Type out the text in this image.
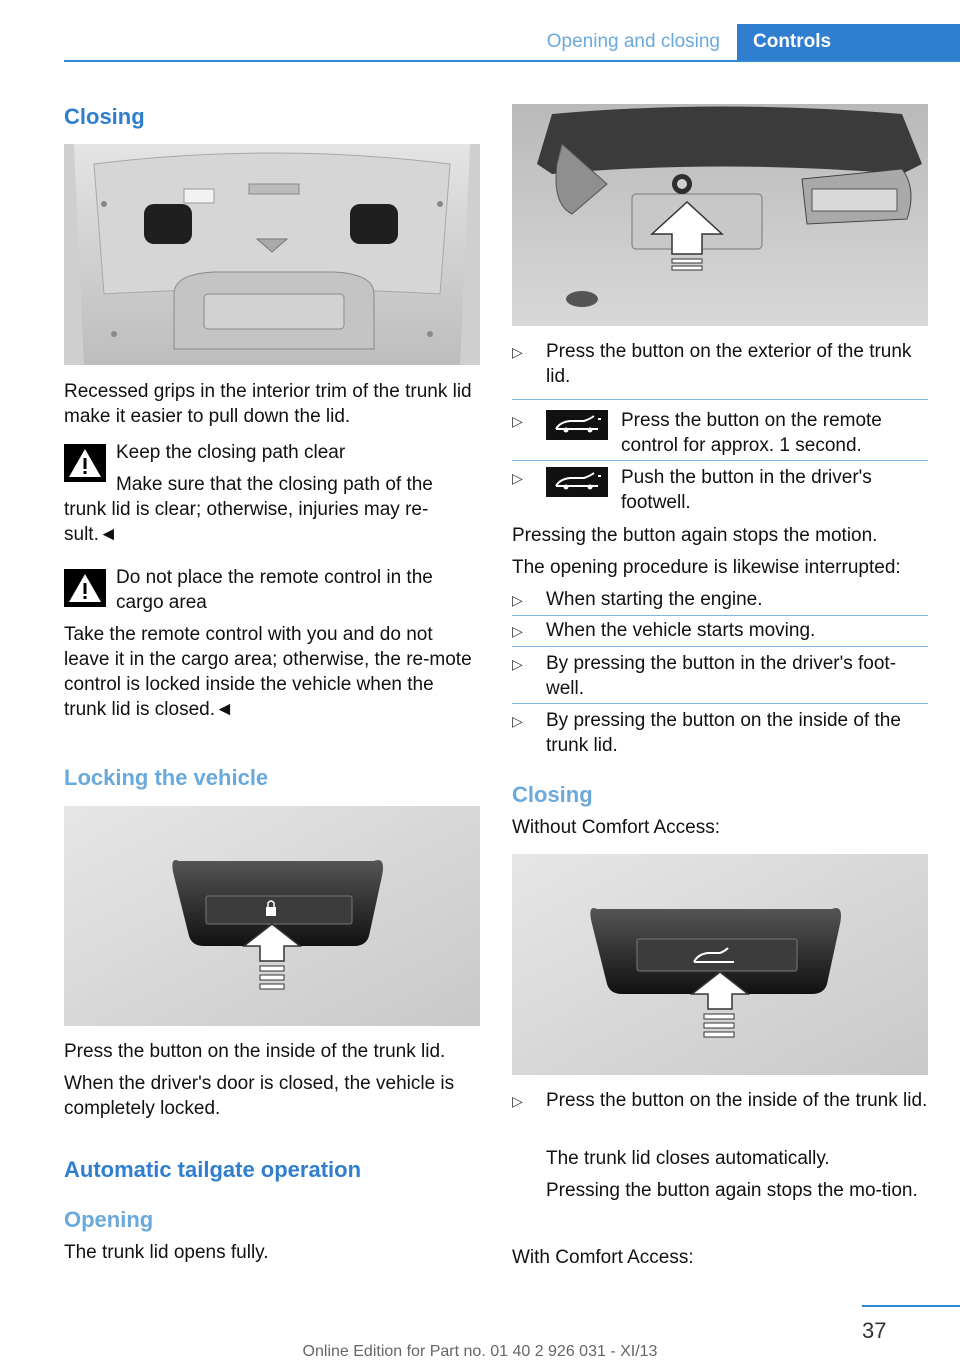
Opening and closing	Controls
Closing
Recessed grips in the interior trim of the trunk lid make it easier to pull down the lid.
Keep the closing path clear
Make sure that the closing path of the trunk lid is clear; otherwise, injuries may re-sult.◄
Do not place the remote control in the cargo area
Take the remote control with you and do not leave it in the cargo area; otherwise, the re-mote control is locked inside the vehicle when the trunk lid is closed.◄
Locking the vehicle
Press the button on the inside of the trunk lid.
When the driver's door is closed, the vehicle is completely locked.
Automatic tailgate operation
Opening
The trunk lid opens fully.
▷ Press the button on the exterior of the trunk lid.
▷	Press the button on the remote control for approx. 1 second.
▷	Push the button in the driver's footwell.
Pressing the button again stops the motion.
The opening procedure is likewise interrupted:
▷ When starting the engine.
▷ When the vehicle starts moving.
▷ By pressing the button in the driver's foot-well.
▷ By pressing the button on the inside of the trunk lid.
Closing
Without Comfort Access:
▷ Press the button on the inside of the trunk lid.
The trunk lid closes automatically.
Pressing the button again stops the mo-tion.
With Comfort Access:
37
Online Edition for Part no. 01 40 2 926 031 - XI/13
